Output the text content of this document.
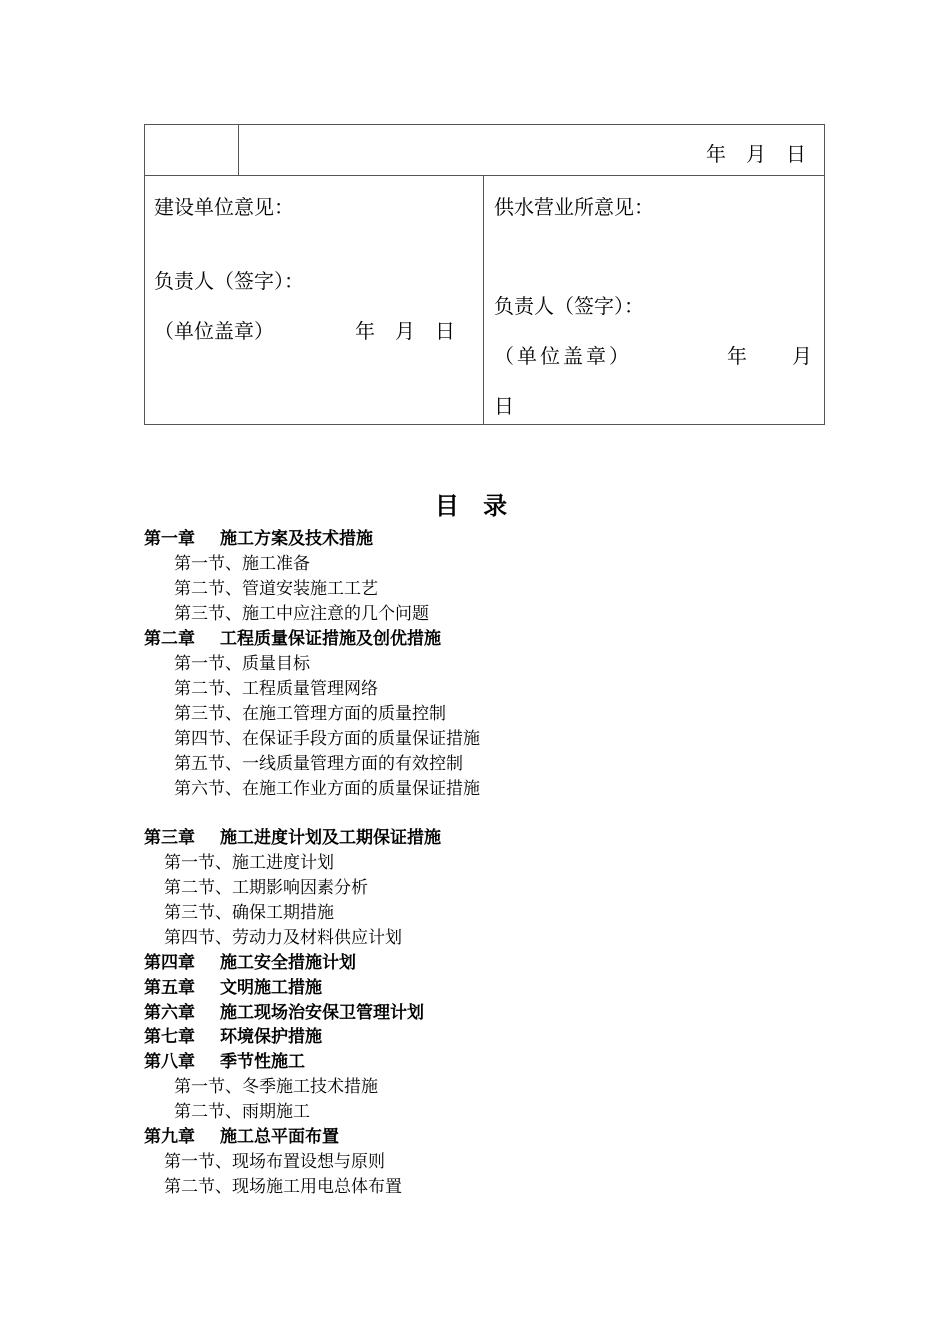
年　月　日
建设单位意见：
负责人（签字）：
（单位盖章）	年　月　日
供水营业所意见：
负责人（签字）：
（单位盖章）	年 月
日
目 录
第一章 施工方案及技术措施
第一节、施工准备
第二节、管道安装施工工艺
第三节、施工中应注意的几个问题
第二章 工程质量保证措施及创优措施
第一节、质量目标
第二节、工程质量管理网络
第三节、在施工管理方面的质量控制
第四节、在保证手段方面的质量保证措施
第五节、一线质量管理方面的有效控制
第六节、在施工作业方面的质量保证措施
第三章 施工进度计划及工期保证措施
第一节、施工进度计划
第二节、工期影响因素分析
第三节、确保工期措施
第四节、劳动力及材料供应计划
第四章 施工安全措施计划
第五章 文明施工措施
第六章 施工现场治安保卫管理计划
第七章 环境保护措施
第八章 季节性施工
第一节、冬季施工技术措施
第二节、雨期施工
第九章 施工总平面布置
第一节、现场布置设想与原则
第二节、现场施工用电总体布置
